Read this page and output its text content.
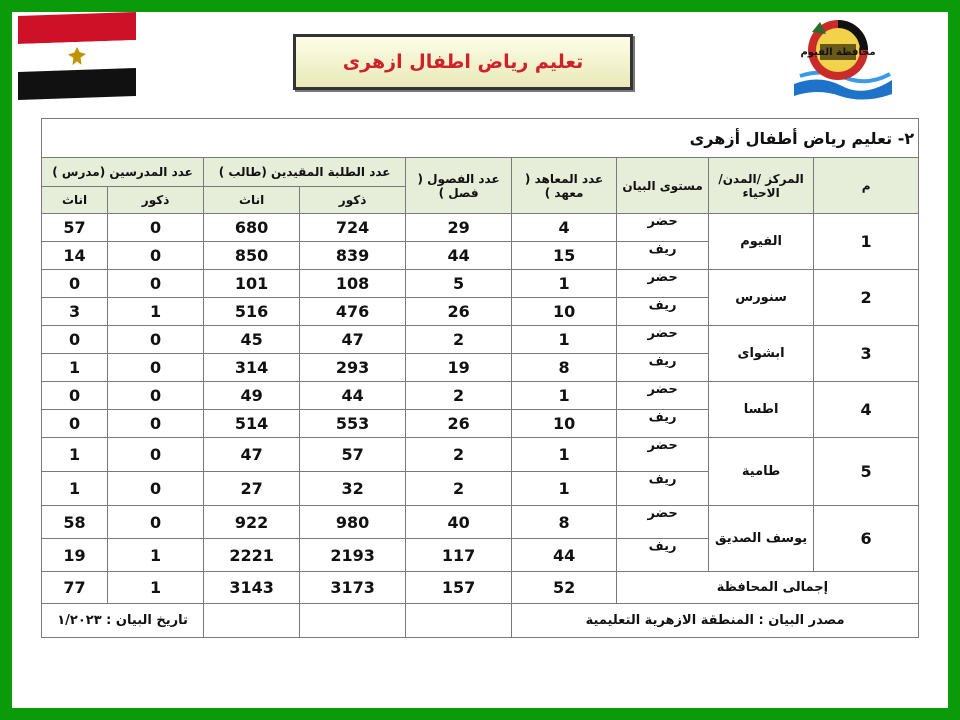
محافظة الفيوم
تعليم رياض اطفال ازهرى
٢- تعليم رياض أطفال أزهرى								
م	المركز /المدن/الاحياء	مستوى البيان	عدد المعاهد ( معهد )	عدد الفصول ( فصل )	عدد الطلبة المقيدين (طالب )		عدد المدرسين (مدرس )	
					ذكور	اناث	ذكور	اناث
1	الفيوم	حضر	4	29	724	680	0	57
		ريف	15	44	839	850	0	14
2	سنورس	حضر	1	5	108	101	0	0
		ريف	10	26	476	516	1	3
3	ابشواى	حضر	1	2	47	45	0	0
		ريف	8	19	293	314	0	1
4	اطسا	حضر	1	2	44	49	0	0
		ريف	10	26	553	514	0	0
5	طامية	حضر	1	2	57	47	0	1
		ريف	1	2	32	27	0	1
6	يوسف الصديق	حضر	8	40	980	922	0	58
		ريف	44	117	2193	2221	1	19
إجمالى المحافظة			52	157	3173	3143	1	77
مصدر البيان : المنطقة الازهرية التعليمية							تاريخ البيان : ١/٢٠٢٣	
